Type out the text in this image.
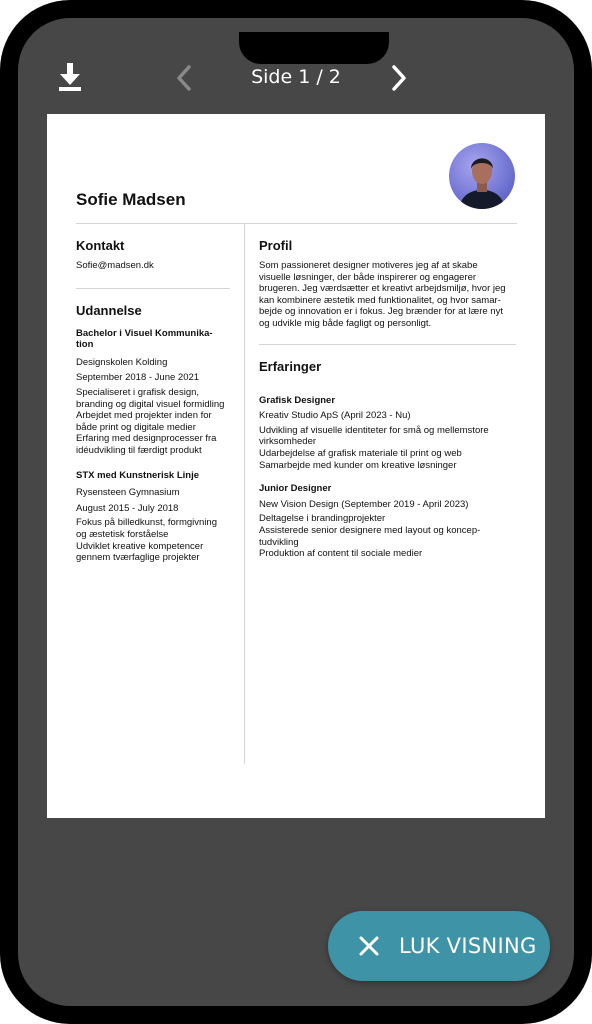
Side 1 / 2
Sofie Madsen
Kontakt
Sofie@madsen.dk
Udannelse
Bachelor i Visuel Kommunika-
tion
Designskolen Kolding
September 2018 - June 2021
Specialiseret i grafisk design,
branding og digital visuel formidling
Arbejdet med projekter inden for
både print og digitale medier
Erfaring med designprocesser fra
idéudvikling til færdigt produkt
STX med Kunstnerisk Linje
Rysensteen Gymnasium
August 2015 - July 2018
Fokus på billedkunst, formgivning
og æstetisk forståelse
Udviklet kreative kompetencer
gennem tværfaglige projekter
Profil
Som passioneret designer motiveres jeg af at skabe
visuelle løsninger, der både inspirerer og engagerer
brugeren. Jeg værdsætter et kreativt arbejdsmiljø, hvor jeg
kan kombinere æstetik med funktionalitet, og hvor samar-
bejde og innovation er i fokus. Jeg brænder for at lære nyt
og udvikle mig både fagligt og personligt.
Erfaringer
Grafisk Designer
Kreativ Studio ApS (April 2023 - Nu)
Udvikling af visuelle identiteter for små og mellemstore
virksomheder
Udarbejdelse af grafisk materiale til print og web
Samarbejde med kunder om kreative løsninger
Junior Designer
New Vision Design (September 2019 - April 2023)
Deltagelse i brandingprojekter
Assisterede senior designere med layout og koncep-
tudvikling
Produktion af content til sociale medier
LUK VISNING
